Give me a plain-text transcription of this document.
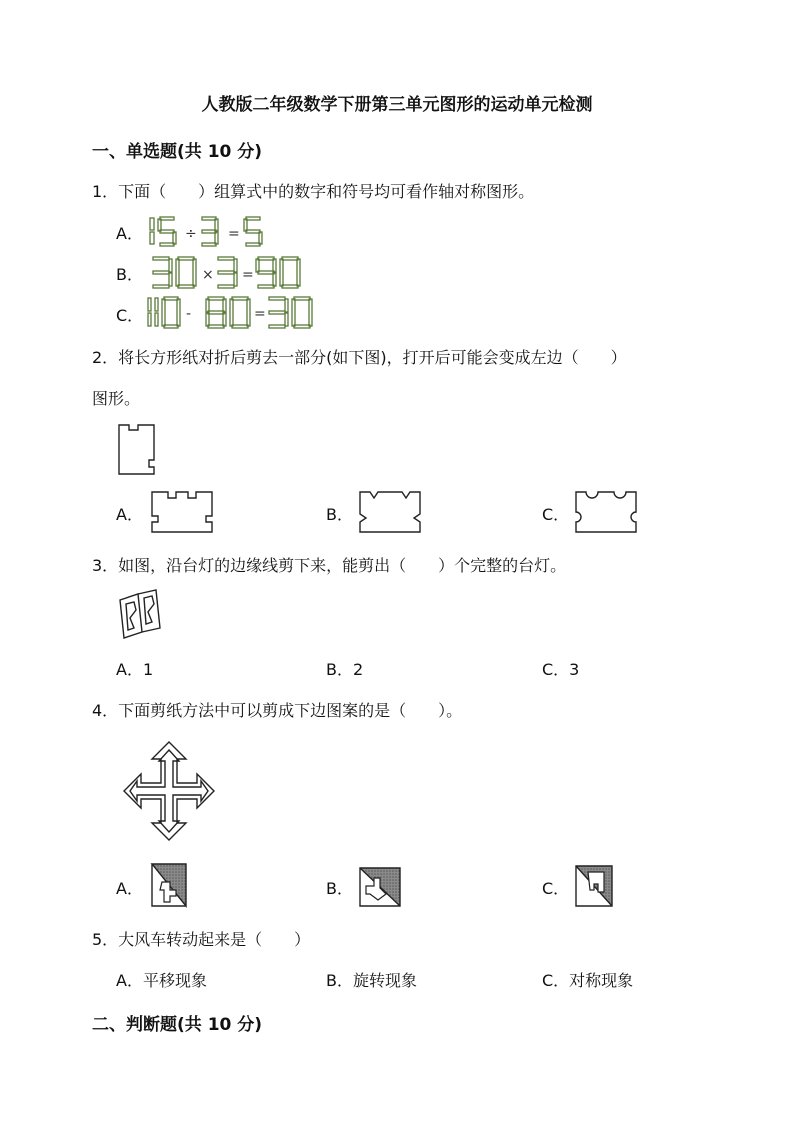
人教版二年级数学下册第三单元图形的运动单元检测
一、单选题(共 10 分)
1．下面（　　）组算式中的数字和符号均可看作轴对称图形。
A．	÷ =
B．	× =
C．	-	=
2．将长方形纸对折后剪去一部分(如下图)，打开后可能会变成左边（　　）
图形。
A．	B．	C．
3．如图，沿台灯的边缘线剪下来，能剪出（　　）个完整的台灯。
A．1	B．2	C．3
4．下面剪纸方法中可以剪成下边图案的是（　　）。
A．	B．	C．
5．大风车转动起来是（　　）
A．平移现象	B．旋转现象	C．对称现象
二、判断题(共 10 分)
